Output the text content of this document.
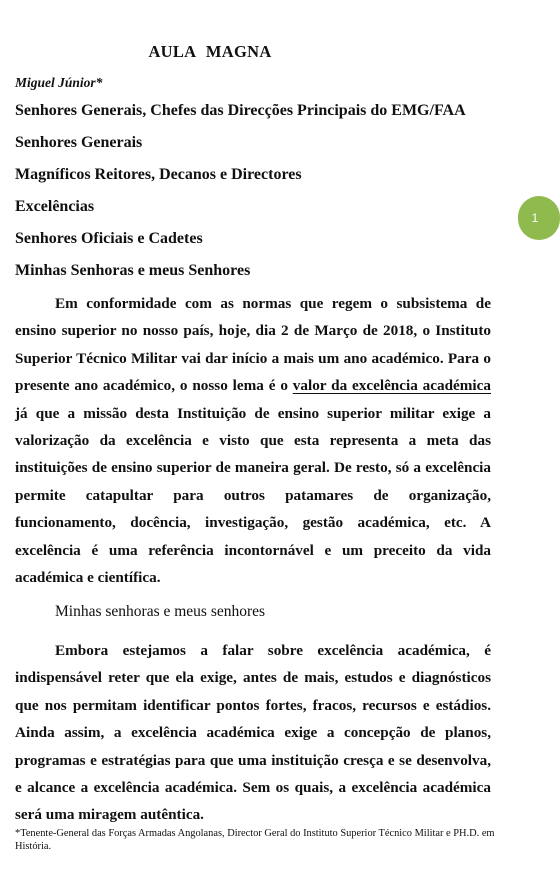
AULA MAGNA
Miguel Júnior*
Senhores Generais, Chefes das Direcções Principais do EMG/FAA
Senhores Generais
Magníficos Reitores, Decanos e Directores
Excelências
Senhores Oficiais e Cadetes
Minhas Senhoras e meus Senhores
Em conformidade com as normas que regem o subsistema de ensino superior no nosso país, hoje, dia 2 de Março de 2018, o Instituto Superior Técnico Militar vai dar início a mais um ano académico. Para o presente ano académico, o nosso lema é o valor da excelência académica já que a missão desta Instituição de ensino superior militar exige a valorização da excelência e visto que esta representa a meta das instituições de ensino superior de maneira geral. De resto, só a excelência permite catapultar para outros patamares de organização, funcionamento, docência, investigação, gestão académica, etc. A excelência é uma referência incontornável e um preceito da vida académica e científica.
Minhas senhoras e meus senhores
Embora estejamos a falar sobre excelência académica, é indispensável reter que ela exige, antes de mais, estudos e diagnósticos que nos permitam identificar pontos fortes, fracos, recursos e estádios. Ainda assim, a excelência académica exige a concepção de planos, programas e estratégias para que uma instituição cresça e se desenvolva, e alcance a excelência académica. Sem os quais, a excelência académica será uma miragem autêntica.
*Tenente-General das Forças Armadas Angolanas, Director Geral do Instituto Superior Técnico Militar e PH.D. em História.
1
